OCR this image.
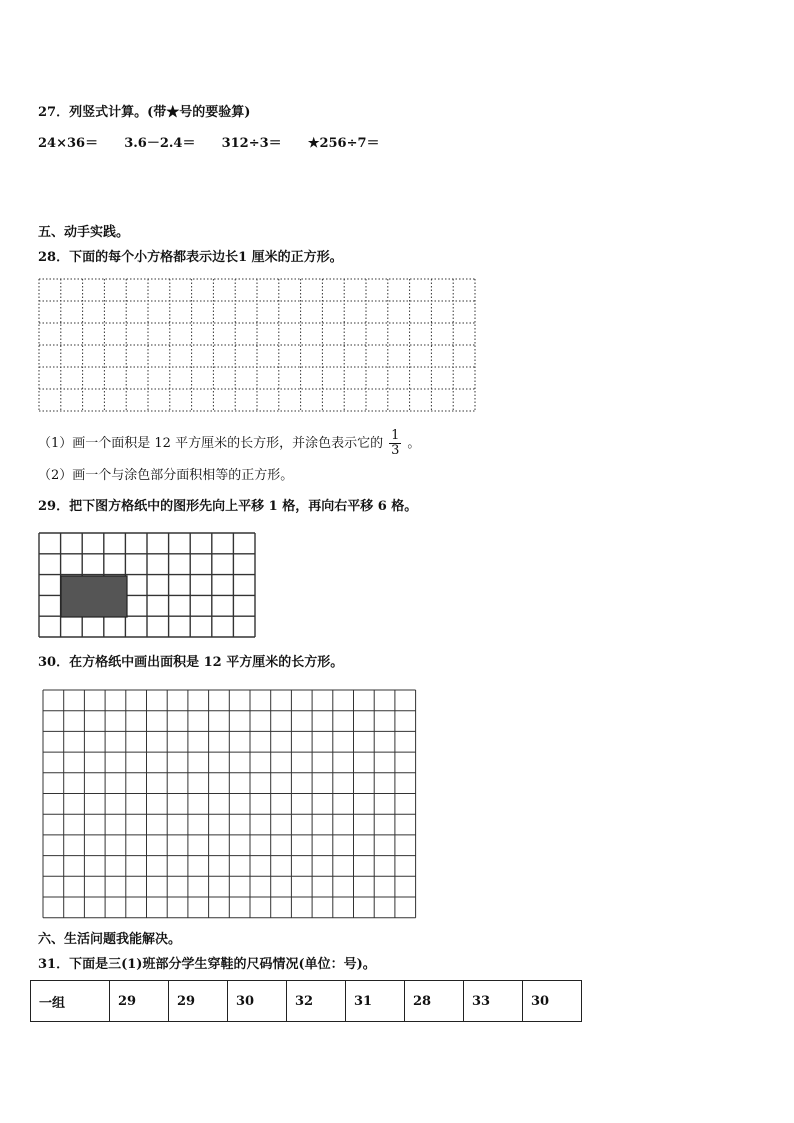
27．列竖式计算。(带★号的要验算)
24×36＝ 3.6－2.4＝ 312÷3＝ ★256÷7＝
五、动手实践。
28．下面的每个小方格都表示边长1 厘米的正方形。
（1）画一个面积是 12 平方厘米的长方形，并涂色表示它的 $\frac{1}{3}$ 。
（2）画一个与涂色部分面积相等的正方形。
29．把下图方格纸中的图形先向上平移 1 格，再向右平移 6 格。
30．在方格纸中画出面积是 12 平方厘米的长方形。
六、生活问题我能解决。
31．下面是三(1)班部分学生穿鞋的尺码情况(单位：号)。
一组	29	29	30	32	31	28	33	30
